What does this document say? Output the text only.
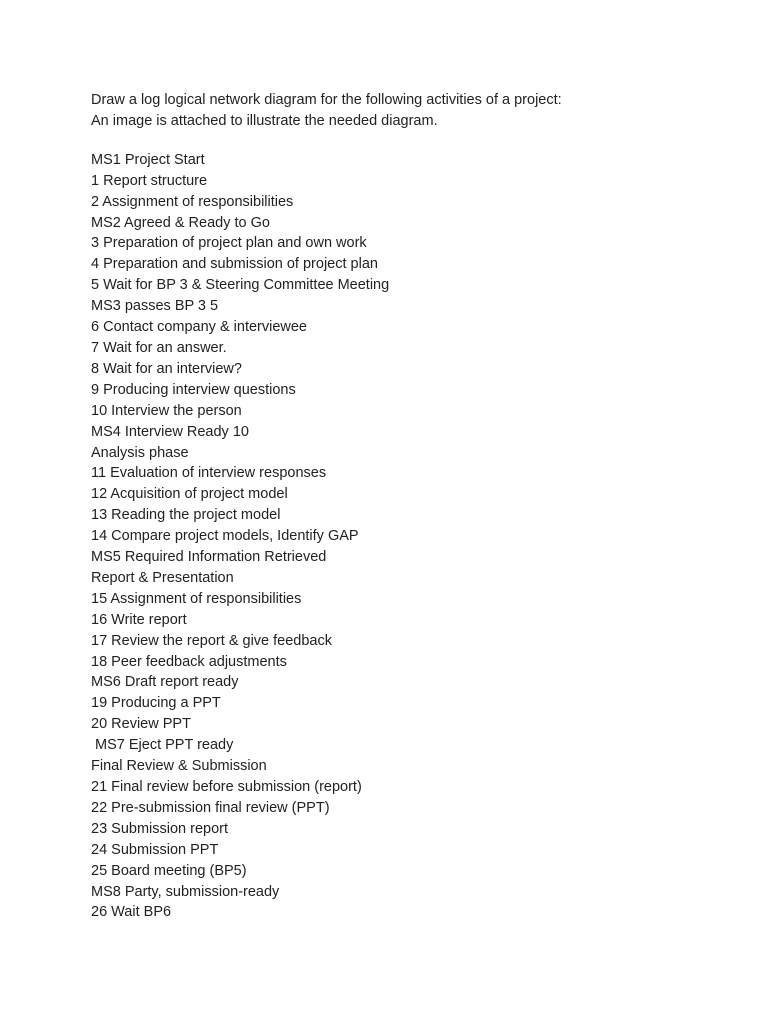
Draw a log logical network diagram for the following activities of a project:

An image is attached to illustrate the needed diagram.

MS1 Project Start

1 Report structure

2 Assignment of responsibilities

MS2 Agreed & Ready to Go

3 Preparation of project plan and own work

4 Preparation and submission of project plan

5 Wait for BP 3 & Steering Committee Meeting

MS3 passes BP 3 5

6 Contact company & interviewee

7 Wait for an answer.

8 Wait for an interview?

9 Producing interview questions

10 Interview the person

MS4 Interview Ready 10

Analysis phase

11 Evaluation of interview responses

12 Acquisition of project model

13 Reading the project model

14 Compare project models, Identify GAP

MS5 Required Information Retrieved

Report & Presentation

15 Assignment of responsibilities

16 Write report

17 Review the report & give feedback

18 Peer feedback adjustments

MS6 Draft report ready

19 Producing a PPT

20 Review PPT

MS7 Eject PPT ready

Final Review & Submission

21 Final review before submission (report)

22 Pre-submission final review (PPT)

23 Submission report

24 Submission PPT

25 Board meeting (BP5)

MS8 Party, submission-ready

26 Wait BP6
